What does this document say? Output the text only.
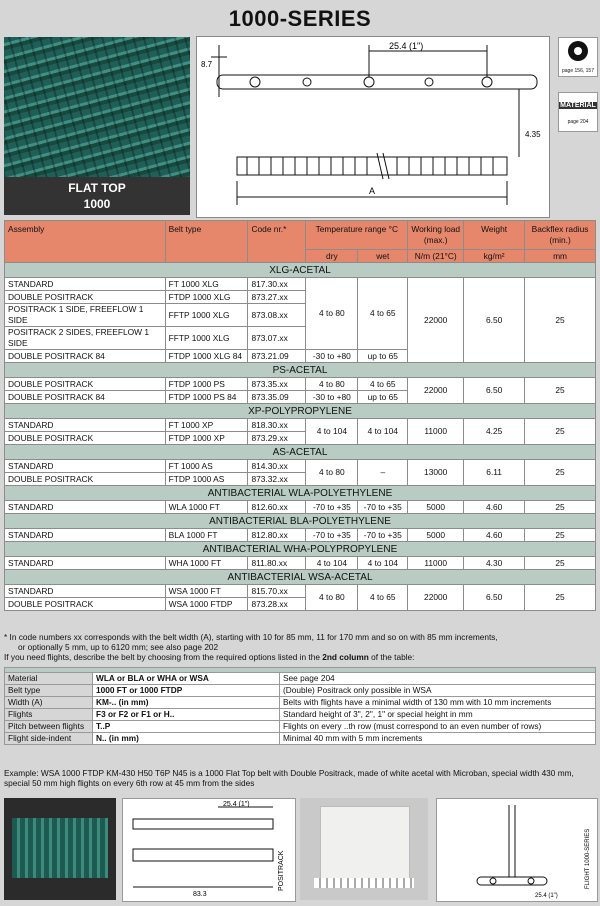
1000-SERIES
FLAT TOP
1000
25.4 (1")
8.7
4.35
A
page 156, 157
MATERIAL
page 204
Assembly	Belt type	Code nr.*	Temperature range °C		Working load (max.)	Weight	Backflex radius (min.)
			dry	wet	N/m (21°C)	kg/m²	mm
XLG-ACETAL							
STANDARD	FT 1000 XLG	817.30.xx	4 to 80	4 to 65	22000	6.50	25
DOUBLE POSITRACK	FTDP 1000 XLG	873.27.xx					
POSITRACK 1 SIDE, FREEFLOW 1 SIDE	FFTP 1000 XLG	873.08.xx					
POSITRACK 2 SIDES, FREEFLOW 1 SIDE	FFTP 1000 XLG	873.07.xx					
DOUBLE POSITRACK 84	FTDP 1000 XLG 84	873.21.09	-30 to +80	up to 65			
PS-ACETAL							
DOUBLE POSITRACK	FTDP 1000 PS	873.35.xx	4 to 80	4 to 65	22000	6.50	25
DOUBLE POSITRACK 84	FTDP 1000 PS 84	873.35.09	-30 to +80	up to 65			
XP-POLYPROPYLENE							
STANDARD	FT 1000 XP	818.30.xx	4 to 104	4 to 104	11000	4.25	25
DOUBLE POSITRACK	FTDP 1000 XP	873.29.xx					
AS-ACETAL							
STANDARD	FT 1000 AS	814.30.xx	4 to 80	–	13000	6.11	25
DOUBLE POSITRACK	FTDP 1000 AS	873.32.xx					
ANTIBACTERIAL WLA-POLYETHYLENE							
STANDARD	WLA 1000 FT	812.60.xx	-70 to +35	-70 to +35	5000	4.60	25
ANTIBACTERIAL BLA-POLYETHYLENE							
STANDARD	BLA 1000 FT	812.80.xx	-70 to +35	-70 to +35	5000	4.60	25
ANTIBACTERIAL WHA-POLYPROPYLENE							
STANDARD	WHA 1000 FT	811.80.xx	4 to 104	4 to 104	11000	4.30	25
ANTIBACTERIAL WSA-ACETAL							
STANDARD	WSA 1000 FT	815.70.xx	4 to 80	4 to 65	22000	6.50	25
DOUBLE POSITRACK	WSA 1000 FTDP	873.28.xx					
* In code numbers xx corresponds with the belt width (A), starting with 10 for 85 mm, 11 for 170 mm and so on with 85 mm increments,
or optionally 5 mm, up to 6120 mm; see also page 202
If you need flights, describe the belt by choosing from the required options listed in the 2nd column of the table:

Material	WLA or BLA or WHA or WSA	See page 204
Belt type	1000 FT or 1000 FTDP	(Double) Positrack only possible in WSA
Width (A)	KM-.. (in mm)	Belts with flights have a minimal width of 130 mm with 10 mm increments
Flights	F3 or F2 or F1 or H..	Standard height of 3", 2", 1" or special height in mm
Pitch between flights	T..P	Flights on every ..th row (must correspond to an even number of rows)
Flight side-indent	N.. (in mm)	Minimal 40 mm with 5 mm increments
Example: WSA 1000 FTDP KM-430 H50 T6P N45 is a 1000 Flat Top belt with Double Positrack, made of white acetal with Microban, special width 430 mm, special 50 mm high flights on every 6th row at 45 mm from the sides
25.4 (1")
83.3
POSITRACK
25.4 (1")
FLIGHT 1000-SERIES
